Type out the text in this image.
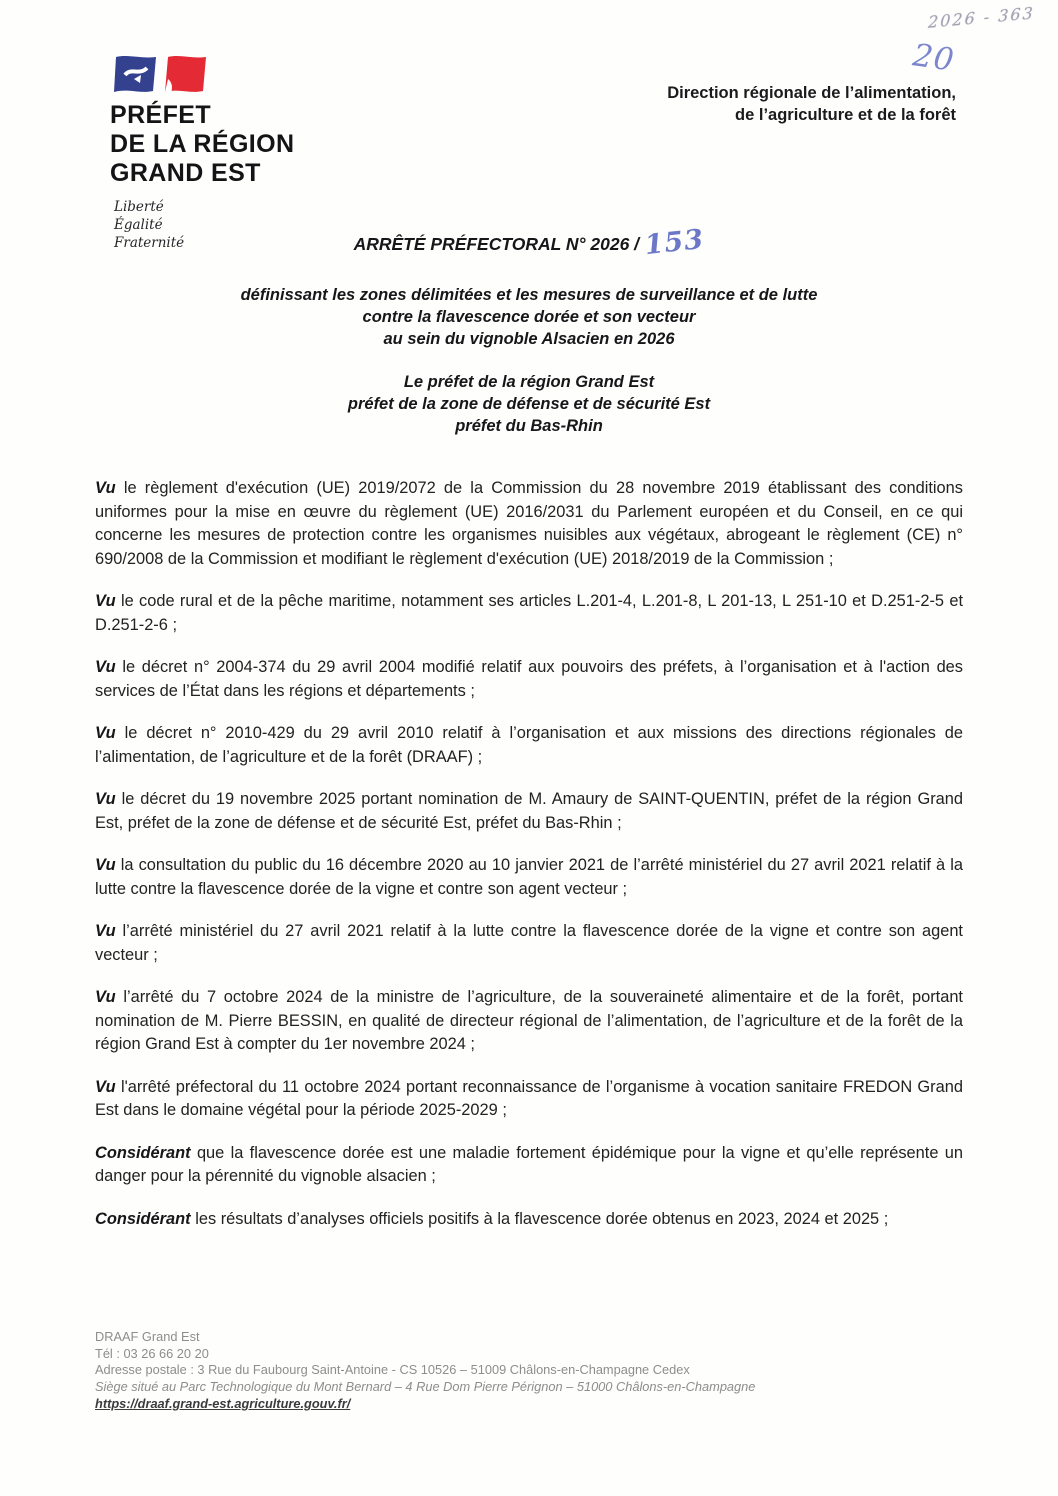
2026 - 363
20
PRÉFET
DE LA RÉGION
GRAND EST
Liberté
Égalité
Fraternité
Direction régionale de l’alimentation,
de l’agriculture et de la forêt
ARRÊTÉ PRÉFECTORAL N° 2026 / 153
définissant les zones délimitées et les mesures de surveillance et de lutte
contre la flavescence dorée et son vecteur
au sein du vignoble Alsacien en 2026
Le préfet de la région Grand Est
préfet de la zone de défense et de sécurité Est
préfet du Bas-Rhin

Vu le règlement d'exécution (UE) 2019/2072 de la Commission du 28 novembre 2019 établissant des conditions uniformes pour la mise en œuvre du règlement (UE) 2016/2031 du Parlement européen et du Conseil, en ce qui concerne les mesures de protection contre les organismes nuisibles aux végétaux, abrogeant le règlement (CE) n° 690/2008 de la Commission et modifiant le règlement d'exécution (UE) 2018/2019 de la Commission ;

Vu le code rural et de la pêche maritime, notamment ses articles L.201-4, L.201-8, L 201-13, L 251-10 et D.251-2-5 et D.251-2-6 ;

Vu le décret n° 2004-374 du 29 avril 2004 modifié relatif aux pouvoirs des préfets, à l’organisation et à l'action des services de l’État dans les régions et départements ;

Vu le décret n° 2010-429 du 29 avril 2010 relatif à l’organisation et aux missions des directions régionales de l’alimentation, de l’agriculture et de la forêt (DRAAF) ;

Vu le décret du 19 novembre 2025 portant nomination de M. Amaury de SAINT-QUENTIN, préfet de la région Grand Est, préfet de la zone de défense et de sécurité Est, préfet du Bas-Rhin ;

Vu la consultation du public du 16 décembre 2020 au 10 janvier 2021 de l’arrêté ministériel du 27 avril 2021 relatif à la lutte contre la flavescence dorée de la vigne et contre son agent vecteur ;

Vu l’arrêté ministériel du 27 avril 2021 relatif à la lutte contre la flavescence dorée de la vigne et contre son agent vecteur ;

Vu l’arrêté du 7 octobre 2024 de la ministre de l’agriculture, de la souveraineté alimentaire et de la forêt, portant nomination de M. Pierre BESSIN, en qualité de directeur régional de l’alimentation, de l’agriculture et de la forêt de la région Grand Est à compter du 1er novembre 2024 ;

Vu l'arrêté préfectoral du 11 octobre 2024 portant reconnaissance de l’organisme à vocation sanitaire FREDON Grand Est dans le domaine végétal pour la période 2025-2029 ;

Considérant que la flavescence dorée est une maladie fortement épidémique pour la vigne et qu’elle représente un danger pour la pérennité du vignoble alsacien ;

Considérant les résultats d’analyses officiels positifs à la flavescence dorée obtenus en 2023, 2024 et 2025 ;

DRAAF Grand Est
Tél : 03 26 66 20 20
Adresse postale : 3 Rue du Faubourg Saint-Antoine - CS 10526 – 51009 Châlons-en-Champagne Cedex
Siège situé au Parc Technologique du Mont Bernard – 4 Rue Dom Pierre Pérignon – 51000 Châlons-en-Champagne
https://draaf.grand-est.agriculture.gouv.fr/
